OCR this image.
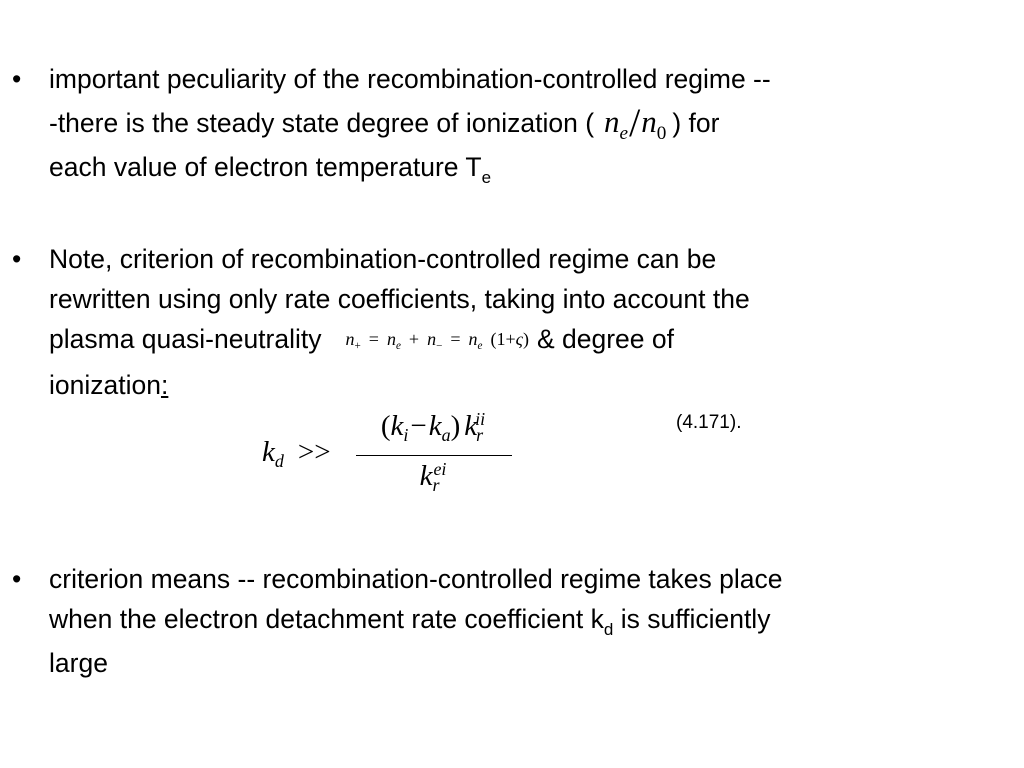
•	important peculiarity of the recombination-controlled regime --
-there is the steady state degree of ionization ( $n_e/n_0$ ) for
each value of electron temperature $T_e$
•	Note, criterion of recombination-controlled regime can be
rewritten using only rate coefficients, taking into account the
plasma quasi-neutrality $n_+ = n_e + n_- = n_e$ (1+ς) & degree of
ionization:
$k_d$ >>
$(k_i-k_a)$ $k_r^{ii}$
$k_r^{ei}$
(4.171).
•	criterion means -- recombination-controlled regime takes place
when the electron detachment rate coefficient $k_d$ is sufficiently
large
